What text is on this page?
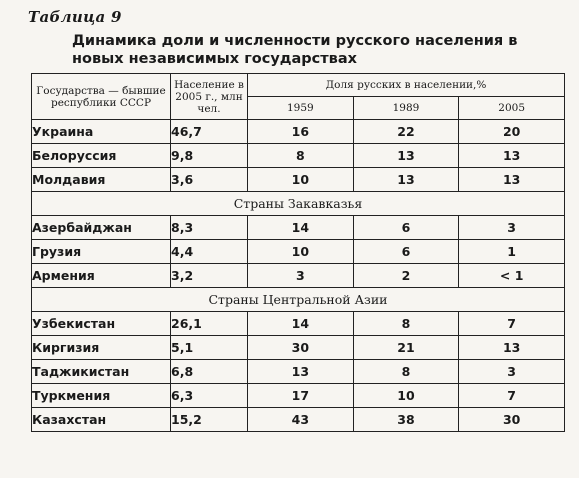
Таблица 9
Динамика доли и численности русского населения в новых независимых государствах
Государства — бывшие республики СССР	Население в 2005 г., млн чел.	Доля русских в населении,%		
		1959	1989	2005
Украина	46,7	16	22	20
Белоруссия	9,8	8	13	13
Молдавия	3,6	10	13	13
Страны Закавказья				
Азербайджан	8,3	14	6	3
Грузия	4,4	10	6	1
Армения	3,2	3	2	< 1
Страны Центральной Азии				
Узбекистан	26,1	14	8	7
Киргизия	5,1	30	21	13
Таджикистан	6,8	13	8	3
Туркмения	6,3	17	10	7
Казахстан	15,2	43	38	30
